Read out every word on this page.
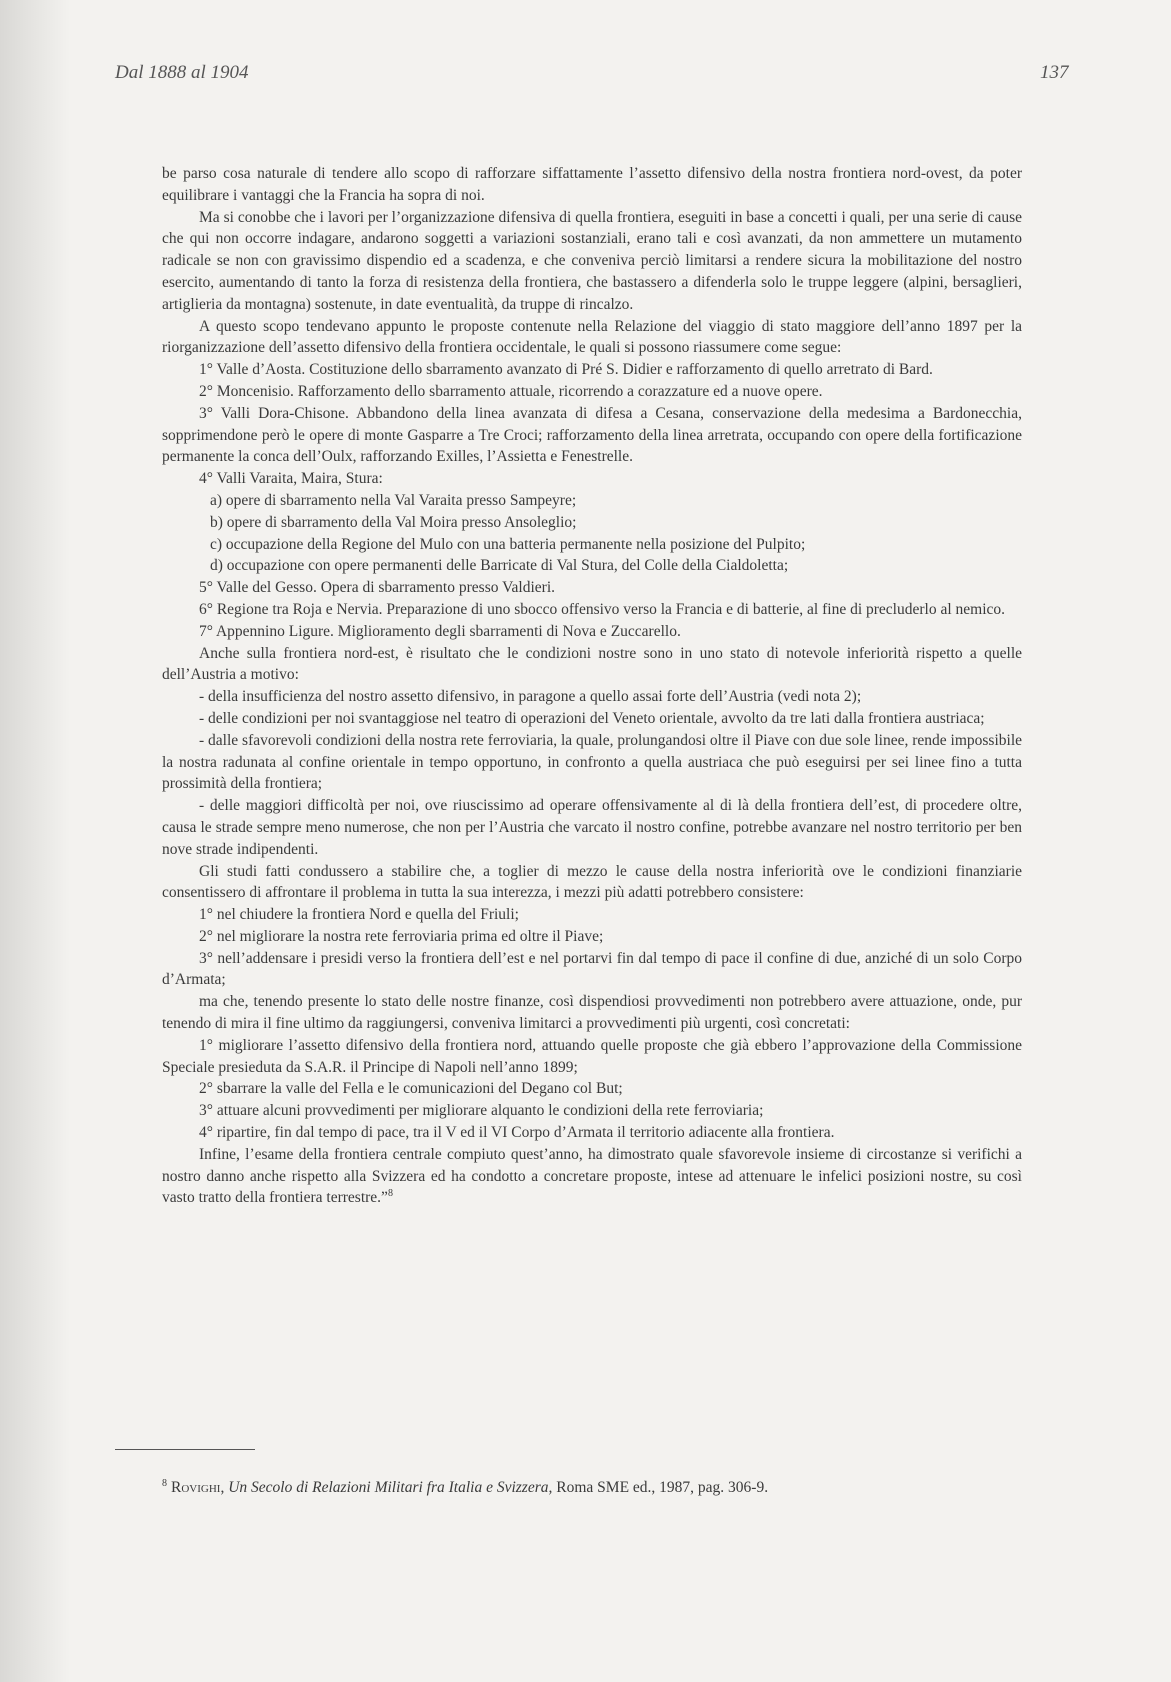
Dal 1888 al 1904	137

be parso cosa naturale di tendere allo scopo di rafforzare siffattamente l’assetto difensivo della nostra frontiera nord-ovest, da poter equilibrare i vantaggi che la Francia ha sopra di noi.

Ma si conobbe che i lavori per l’organizzazione difensiva di quella frontiera, eseguiti in base a concetti i quali, per una serie di cause che qui non occorre indagare, andarono soggetti a variazioni sostanziali, erano tali e così avanzati, da non ammettere un mutamento radicale se non con gravissimo dispendio ed a scadenza, e che conveniva perciò limitarsi a rendere sicura la mobilitazione del nostro esercito, aumentando di tanto la forza di resistenza della frontiera, che bastassero a difenderla solo le truppe leggere (alpini, bersaglieri, artiglieria da montagna) sostenute, in date eventualità, da truppe di rincalzo.

A questo scopo tendevano appunto le proposte contenute nella Relazione del viaggio di stato maggiore dell’anno 1897 per la riorganizzazione dell’assetto difensivo della frontiera occidentale, le quali si possono riassumere come segue:

1° Valle d’Aosta. Costituzione dello sbarramento avanzato di Pré S. Didier e rafforzamento di quello arretrato di Bard.

2° Moncenisio. Rafforzamento dello sbarramento attuale, ricorrendo a corazzature ed a nuove opere.

3° Valli Dora-Chisone. Abbandono della linea avanzata di difesa a Cesana, conservazione della medesima a Bardonecchia, sopprimendone però le opere di monte Gasparre a Tre Croci; rafforzamento della linea arretrata, occupando con opere della fortificazione permanente la conca dell’Oulx, rafforzando Exilles, l’Assietta e Fenestrelle.

4° Valli Varaita, Maira, Stura:

a) opere di sbarramento nella Val Varaita presso Sampeyre;

b) opere di sbarramento della Val Moira presso Ansoleglio;

c) occupazione della Regione del Mulo con una batteria permanente nella posizione del Pulpito;

d) occupazione con opere permanenti delle Barricate di Val Stura, del Colle della Cialdoletta;

5° Valle del Gesso. Opera di sbarramento presso Valdieri.

6° Regione tra Roja e Nervia. Preparazione di uno sbocco offensivo verso la Francia e di batterie, al fine di precluderlo al nemico.

7° Appennino Ligure. Miglioramento degli sbarramenti di Nova e Zuccarello.

Anche sulla frontiera nord-est, è risultato che le condizioni nostre sono in uno stato di notevole inferiorità rispetto a quelle dell’Austria a motivo:

- della insufficienza del nostro assetto difensivo, in paragone a quello assai forte dell’Austria (vedi nota 2);

- delle condizioni per noi svantaggiose nel teatro di operazioni del Veneto orientale, avvolto da tre lati dalla frontiera austriaca;

- dalle sfavorevoli condizioni della nostra rete ferroviaria, la quale, prolungandosi oltre il Piave con due sole linee, rende impossibile la nostra radunata al confine orientale in tempo opportuno, in confronto a quella austriaca che può eseguirsi per sei linee fino a tutta prossimità della frontiera;

- delle maggiori difficoltà per noi, ove riuscissimo ad operare offensivamente al di là della frontiera dell’est, di procedere oltre, causa le strade sempre meno numerose, che non per l’Austria che varcato il nostro confine, potrebbe avanzare nel nostro territorio per ben nove strade indipendenti.

Gli studi fatti condussero a stabilire che, a toglier di mezzo le cause della nostra inferiorità ove le condizioni finanziarie consentissero di affrontare il problema in tutta la sua interezza, i mezzi più adatti potrebbero consistere:

1° nel chiudere la frontiera Nord e quella del Friuli;

2° nel migliorare la nostra rete ferroviaria prima ed oltre il Piave;

3° nell’addensare i presidi verso la frontiera dell’est e nel portarvi fin dal tempo di pace il confine di due, anziché di un solo Corpo d’Armata;

ma che, tenendo presente lo stato delle nostre finanze, così dispendiosi provvedimenti non potrebbero avere attuazione, onde, pur tenendo di mira il fine ultimo da raggiungersi, conveniva limitarci a provvedimenti più urgenti, così concretati:

1° migliorare l’assetto difensivo della frontiera nord, attuando quelle proposte che già ebbero l’approvazione della Commissione Speciale presieduta da S.A.R. il Principe di Napoli nell’anno 1899;

2° sbarrare la valle del Fella e le comunicazioni del Degano col But;

3° attuare alcuni provvedimenti per migliorare alquanto le condizioni della rete ferroviaria;

4° ripartire, fin dal tempo di pace, tra il V ed il VI Corpo d’Armata il territorio adiacente alla frontiera.

Infine, l’esame della frontiera centrale compiuto quest’anno, ha dimostrato quale sfavorevole insieme di circostanze si verifichi a nostro danno anche rispetto alla Svizzera ed ha condotto a concretare proposte, intese ad attenuare le infelici posizioni nostre, su così vasto tratto della frontiera terrestre.”$^8$

$^8$ Rovighi, Un Secolo di Relazioni Militari fra Italia e Svizzera, Roma SME ed., 1987, pag. 306-9.
